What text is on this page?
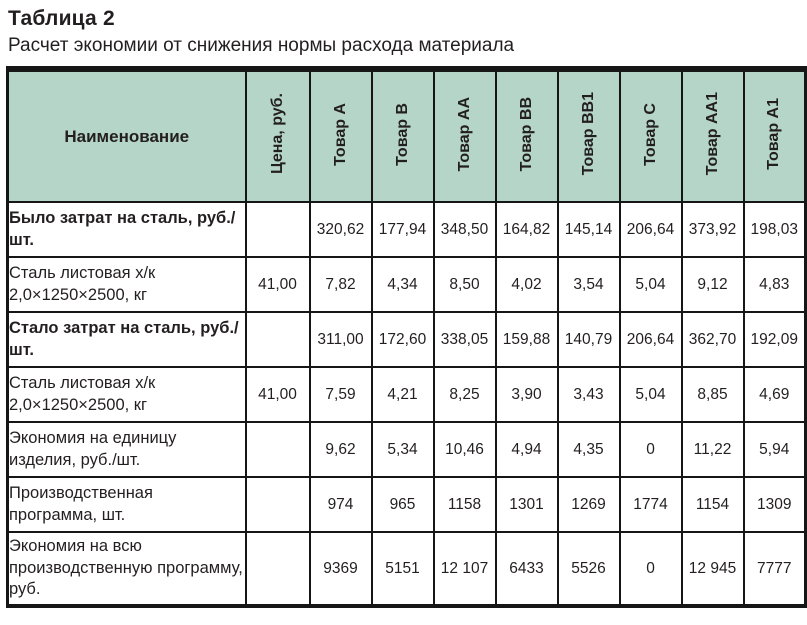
Таблица 2
Расчет экономии от снижения нормы расхода материала
Наименование	Цена, руб.	Товар А	Товар В	Товар АА	Товар ВВ	Товар ВВ1	Товар С	Товар АА1	Товар А1
Было затрат на сталь, руб./шт.		320,62	177,94	348,50	164,82	145,14	206,64	373,92	198,03
Сталь листовая х/к 2,0×1250×2500, кг	41,00	7,82	4,34	8,50	4,02	3,54	5,04	9,12	4,83
Стало затрат на сталь, руб./шт.		311,00	172,60	338,05	159,88	140,79	206,64	362,70	192,09
Сталь листовая х/к 2,0×1250×2500, кг	41,00	7,59	4,21	8,25	3,90	3,43	5,04	8,85	4,69
Экономия на единицу изделия, руб./шт.		9,62	5,34	10,46	4,94	4,35	0	11,22	5,94
Производственная программа, шт.		974	965	1158	1301	1269	1774	1154	1309
Экономия на всю производственную программу, руб.		9369	5151	12 107	6433	5526	0	12 945	7777
